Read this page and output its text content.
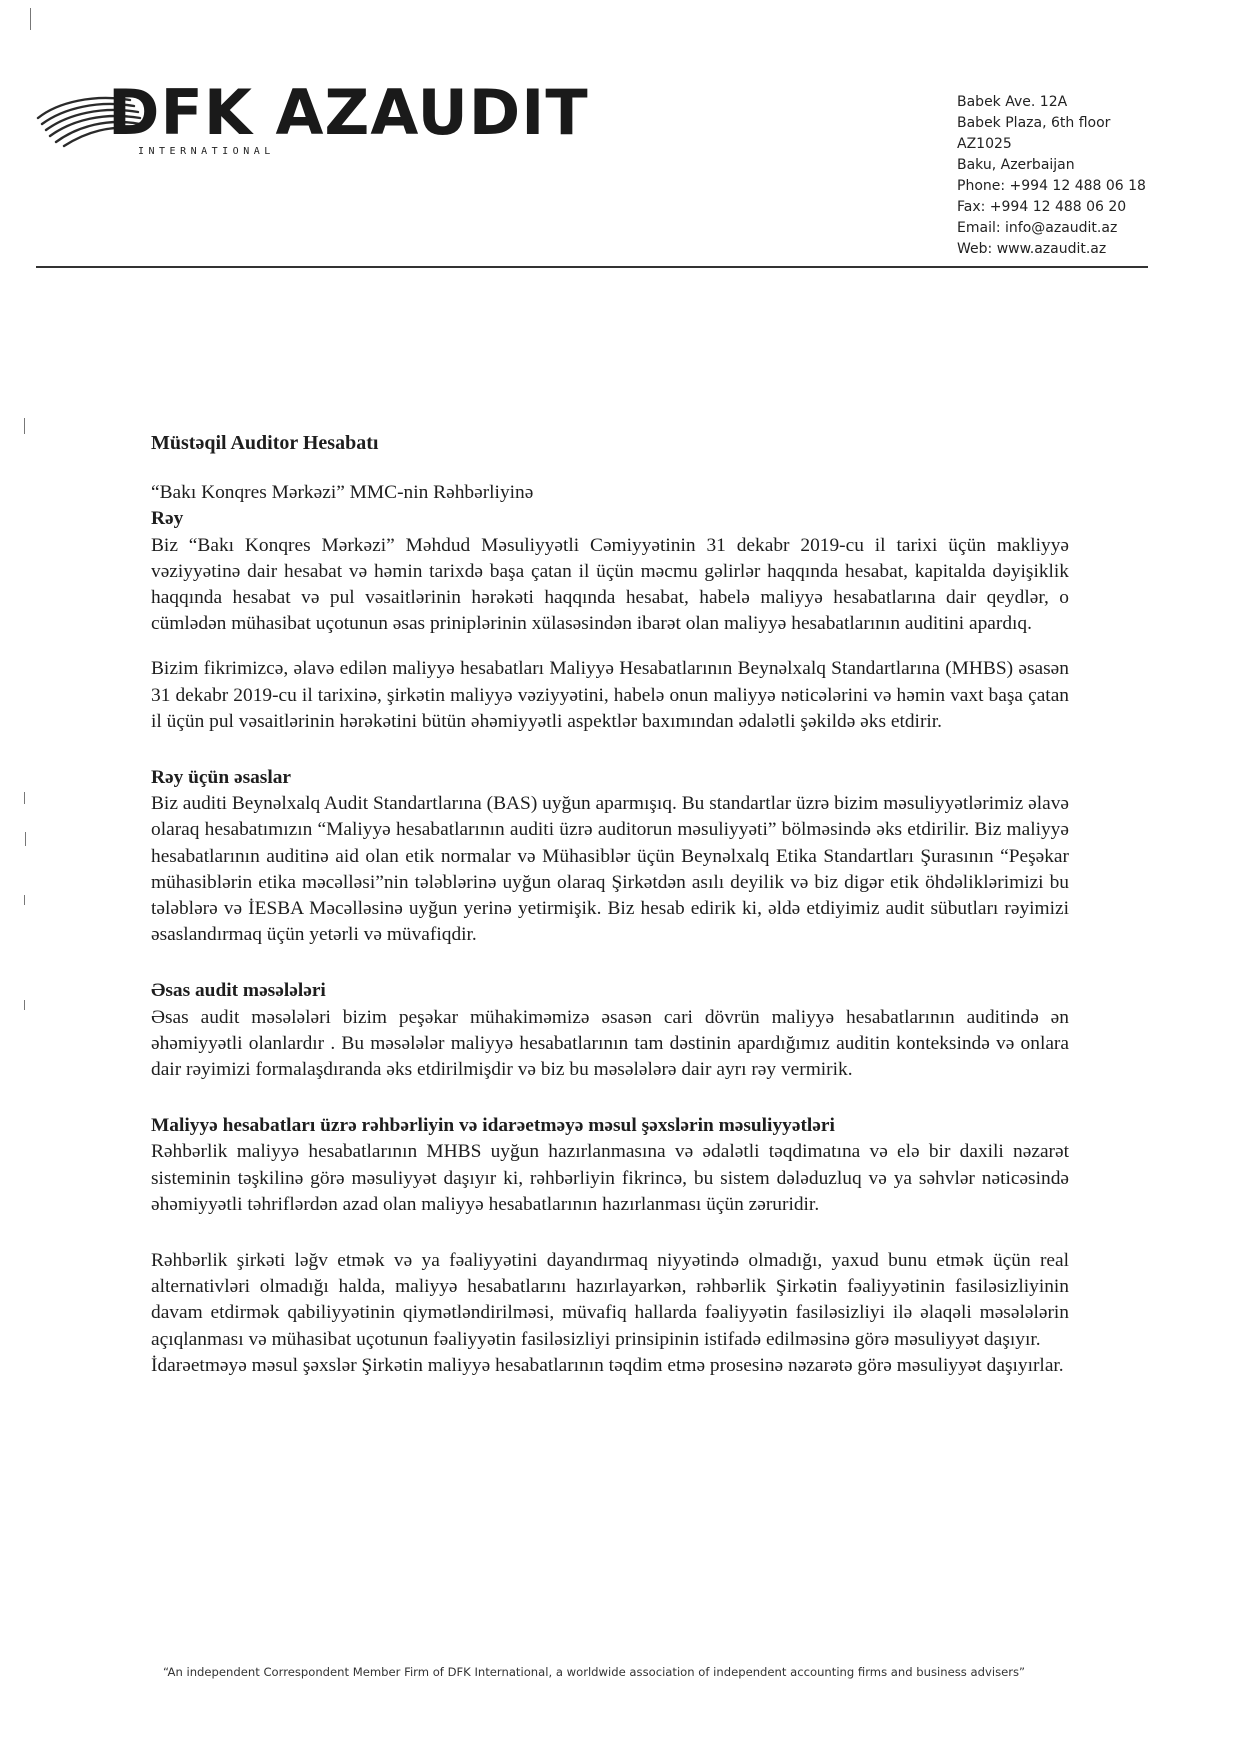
DFK AZAUDIT
INTERNATIONAL
Babek Ave. 12A
Babek Plaza, 6th floor
AZ1025
Baku, Azerbaijan
Phone: +994 12 488 06 18
Fax: +994 12 488 06 20
Email: info@azaudit.az
Web: www.azaudit.az

Müstəqil Auditor Hesabatı

“Bakı Konqres Mərkəzi” MMC-nin Rəhbərliyinə

Rəy

Biz “Bakı Konqres Mərkəzi” Məhdud Məsuliyyətli Cəmiyyətinin 31 dekabr 2019-cu il tarixi üçün makliyyə vəziyyətinə dair hesabat və həmin tarixdə başa çatan il üçün məcmu gəlirlər haqqında hesabat, kapitalda dəyişiklik haqqında hesabat və pul vəsaitlərinin hərəkəti haqqında hesabat, habelə maliyyə hesabatlarına dair qeydlər, o cümlədən mühasibat uçotunun əsas priniplərinin xülasəsindən ibarət olan maliyyə hesabatlarının auditini apardıq.

Bizim fikrimizcə, əlavə edilən maliyyə hesabatları Maliyyə Hesabatlarının Beynəlxalq Standartlarına (MHBS) əsasən 31 dekabr 2019-cu il tarixinə, şirkətin maliyyə vəziyyətini, habelə onun maliyyə nəticələrini və həmin vaxt başa çatan il üçün pul vəsaitlərinin hərəkətini bütün əhəmiyyətli aspektlər baxımından ədalətli şəkildə əks etdirir.

Rəy üçün əsaslar

Biz auditi Beynəlxalq Audit Standartlarına (BAS) uyğun aparmışıq. Bu standartlar üzrə bizim məsuliyyətlərimiz əlavə olaraq hesabatımızın “Maliyyə hesabatlarının auditi üzrə auditorun məsuliyyəti” bölməsində əks etdirilir. Biz maliyyə hesabatlarının auditinə aid olan etik normalar və Mühasiblər üçün Beynəlxalq Etika Standartları Şurasının “Peşəkar mühasiblərin etika məcəlləsi”nin tələblərinə uyğun olaraq Şirkətdən asılı deyilik və biz digər etik öhdəliklərimizi bu tələblərə və İESBA Məcəlləsinə uyğun yerinə yetirmişik. Biz hesab edirik ki, əldə etdiyimiz audit sübutları rəyimizi əsaslandırmaq üçün yetərli və müvafiqdir.

Əsas audit məsələləri

Əsas audit məsələləri bizim peşəkar mühakiməmizə əsasən cari dövrün maliyyə hesabatlarının auditində ən əhəmiyyətli olanlardır . Bu məsələlər maliyyə hesabatlarının tam dəstinin apardığımız auditin konteksində və onlara dair rəyimizi formalaşdıranda əks etdirilmişdir və biz bu məsələlərə dair ayrı rəy vermirik.

Maliyyə hesabatları üzrə rəhbərliyin və idarəetməyə məsul şəxslərin məsuliyyətləri

Rəhbərlik maliyyə hesabatlarının MHBS uyğun hazırlanmasına və ədalətli təqdimatına və elə bir daxili nəzarət sisteminin təşkilinə görə məsuliyyət daşıyır ki, rəhbərliyin fikrincə, bu sistem dələduzluq və ya səhvlər nəticəsində əhəmiyyətli təhriflərdən azad olan maliyyə hesabatlarının hazırlanması üçün zəruridir.

Rəhbərlik şirkəti ləğv etmək və ya fəaliyyətini dayandırmaq niyyətində olmadığı, yaxud bunu etmək üçün real alternativləri olmadığı halda, maliyyə hesabatlarını hazırlayarkən, rəhbərlik Şirkətin fəaliyyətinin fasiləsizliyinin davam etdirmək qabiliyyətinin qiymətləndirilməsi, müvafiq hallarda fəaliyyətin fasiləsizliyi ilə əlaqəli məsələlərin açıqlanması və mühasibat uçotunun fəaliyyətin fasiləsizliyi prinsipinin istifadə edilməsinə görə məsuliyyət daşıyır.

İdarəetməyə məsul şəxslər Şirkətin maliyyə hesabatlarının təqdim etmə prosesinə nəzarətə görə məsuliyyət daşıyırlar.

“An independent Correspondent Member Firm of DFK International, a worldwide association of independent accounting firms and business advisers”
